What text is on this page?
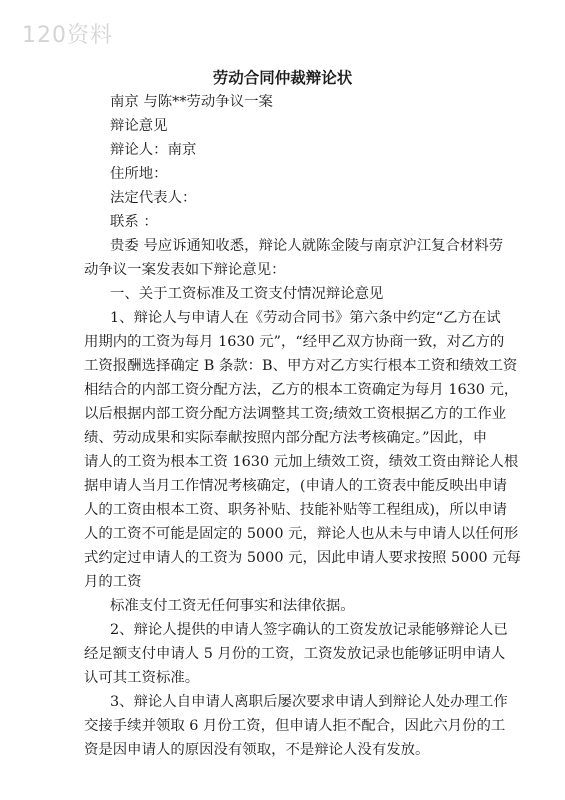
120资料
劳动合同仲裁辩论状
南京 与陈**劳动争议一案
辩论意见
辩论人：南京
住所地：
法定代表人：
联系 ：
贵委 号应诉通知收悉，辩论人就陈金陵与南京沪江复合材料劳
动争议一案发表如下辩论意见：
一、关于工资标准及工资支付情况辩论意见
1、辩论人与申请人在《劳动合同书》第六条中约定“乙方在试
用期内的工资为每月 1630 元”，“经甲乙双方协商一致，对乙方的
工资报酬选择确定 B 条款：B、甲方对乙方实行根本工资和绩效工资
相结合的内部工资分配方法，乙方的根本工资确定为每月 1630 元，
以后根据内部工资分配方法调整其工资;绩效工资根据乙方的工作业
绩、劳动成果和实际奉献按照内部分配方法考核确定。”因此，申
请人的工资为根本工资 1630 元加上绩效工资，绩效工资由辩论人根
据申请人当月工作情况考核确定，(申请人的工资表中能反映出申请
人的工资由根本工资、职务补贴、技能补贴等工程组成)，所以申请
人的工资不可能是固定的 5000 元，辩论人也从未与申请人以任何形
式约定过申请人的工资为 5000 元，因此申请人要求按照 5000 元每
月的工资
标准支付工资无任何事实和法律依据。
2、辩论人提供的申请人签字确认的工资发放记录能够辩论人已
经足额支付申请人 5 月份的工资，工资发放记录也能够证明申请人
认可其工资标准。
3、辩论人自申请人离职后屡次要求申请人到辩论人处办理工作
交接手续并领取 6 月份工资，但申请人拒不配合，因此六月份的工
资是因申请人的原因没有领取，不是辩论人没有发放。
